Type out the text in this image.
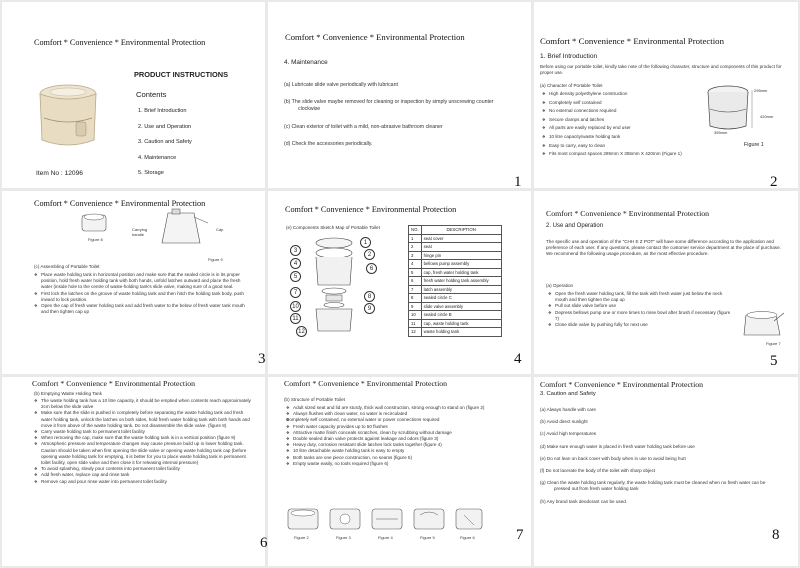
Comfort * Convenience * Environmental Protection
PRODUCT INSTRUCTIONS
Contents
1. Brief Introduction
2. Use and Operation
3. Caution and Safety
4. Maintenance
5. Storage
Item No : 12096
Comfort * Convenience * Environmental Protection
4. Maintenance
(a) Lubricate slide valve periodically with lubricant
(b) The slide valve maybe removed for cleaning or inspection by simply unscrewing counter clockwise
(c) Clean exterior of toilet with a mild, non-abrasive bathroom cleaner
(d) Check the accessories periodically.
1
Comfort * Convenience * Environmental Protection
1. Brief Introduction
Before using our portable toilet, kindly take note of the following character, structure and components of this product for proper use.
(a) Character of Portable Toilet
❖ High density polyethylene construction
❖ Completely self contained
❖ No external connections required
❖ Secure clamps and latches
❖ All parts are easily replaced by end user
❖ 10 litre capacity/waste holding tank
❖ Easy to carry, easy to clean
❖ Fits most compact spaces 295mm X 355mm X 420mm (Figure 1)
295mm
420mm
355mm
Figure 1
2
Comfort * Convenience * Environmental Protection
Figure 8
Carrying handle
Cap
Figure 9
(c) Assembling of Portable Toilet
❖ Place waste holding tank in horizontal position and make sure that the sealed circle is in its proper position, hold fresh water holding tank with both hands, unfold latches outward and place the fresh water (inside hole to the centre of waste-holding tank's slide valve, making sure of a good seal.
❖ First lock the latches on the groove of waste holding tank and then hitch the holding tank body, push inward to lock position.
❖ Open the cap of fresh water holding tank and add fresh water to the below of fresh water tank mouth and then tighten cap up
3
Comfort * Convenience * Environmental Protection
(e) Components Sketch Map of Portable Toilet
1
2
3
4
5
6
7
8
9
10
11
12
NO.	DESCRIPTION
1	seat cover
2	seat
3	hinge pin
4	bellows pump assembly
5	cap, fresh water holding tank
6	fresh water holding tank assembly
7	latch assembly
8	sealed circle C
9	slide valve assembly
10	sealed circle B
11	cap, waste holding tank
12	waste holding tank
4
Comfort * Convenience * Environmental Protection
2. Use and Operation
The specific use and operation of the "CHH E Z POT" will have some difference according to the application and preference of each user. If any questions, please contact the customer service department at the place of purchase. We recommend the following usage procedure, as the most effective procedure.
(a) Operation
❖ Open the fresh water holding tank, fill the tank with fresh water just below the neck mouth and then tighten the cap up
❖ Pull out slide valve before use
❖ Depress bellows pump one or more times to rinse bowl after brush if necessary (figure 7)
❖ Close slide valve by pushing fully for next use
Figure 7
5
Comfort * Convenience * Environmental Protection
(b) Emptying Waste Holding Tank
❖ The waste holding tank has a 10 litre capacity, it should be emptied when contents reach approximately 2cm below the slide valve
❖ Make sure that the slide is pushed in completely before separating the waste holding tank and fresh water holding tank, unlock the latches on both sides, hold fresh water holding tank with both hands and move it from above of the waste holding tank. Do not disassemble the slide valve. (figure 8)
❖ Carry waste holding tank to permanent toilet facility
❖ When removing the cap, make sure that the waste holding tank is in a vertical position (figure 9)
❖ Atmospheric pressure and temperature changes may cause pressure build up in lower holding tank. Caution should be taken when first opening the slide valve or opening waste holding tank cap (before opening waste holding tank for emptying, it is better for you to place waste holding tank in permanent toilet facility, open slide valve and then close it for releasing internal pressure)
❖ To avoid splashing, slowly pour contents into permanent toilet facility
❖ Add fresh water, replace cap and rinse tank
❖ Remove cap and pour rinse water into permanent toilet facility
6
Comfort * Convenience * Environmental Protection
(b) Structure of Portable Toilet
❖ Adult sized seat and lid are sturdy, thick wall construction, strong enough to stand on (figure 2)
❖ Always flushes with clean water, no water is recirculated
❖ Completely self contained, no external water or power connections required
❖ Fresh water capacity provides up to 50 flushes
❖ Attractive matte finish conceals scratches, clean by scrubbing without damage
❖ Double sealed drain valve protects against leakage and odors (figure 3)
❖ Heavy duty, corrosion resistant slide latches lock tanks together (figure 4)
❖ 10 litre detachable waste holding tank is easy to empty
❖ Both tanks are one piece construction, no seams (figure 5)
❖ Empty waste easily, no tools required (figure 6)
Figure 2	Figure 3	Figure 4	Figure 5	Figure 6	7
Comfort * Convenience * Environmental Protection
3. Caution and Safety
(a) Always handle with care
(b) Avoid direct sunlight
(c) Avoid high temperatures
(d) Make sure enough water is placed in fresh water holding tank before use
(e) Do not lean on back cover with body when in use to avoid being hurt
(f) Do not lacerate the body of the toilet with sharp object
(g) Clean the waste holding tank regularly, the waste holding tank must be cleaned when no fresh water can be pressed out from fresh water holding tank
(h) Any brand tank deodorant can be used.
8
